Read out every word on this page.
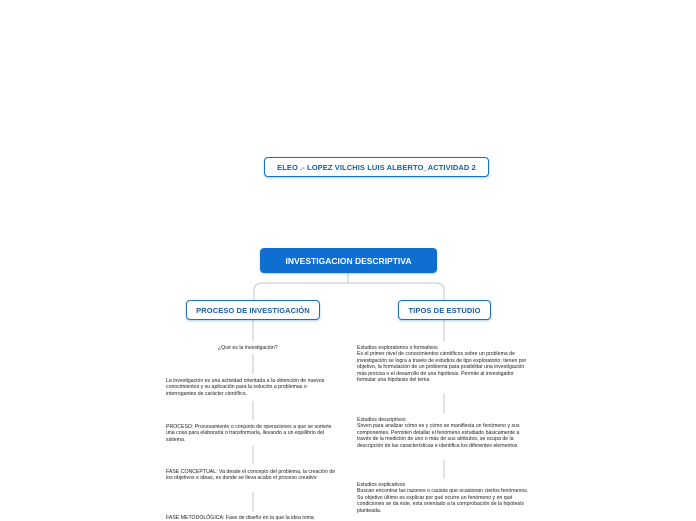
ELEO .- LOPEZ VILCHIS LUIS ALBERTO_ACTIVIDAD 2
INVESTIGACION DESCRIPTIVA
PROCESO DE INVESTIGACIÓN	TIPOS DE ESTUDIO
¿Qué es la investigación?
La investigación es una actividad orientada a la obtención de nuevos conocimientos y su aplicación para la solución a problemas o interrogantes de carácter científico.
PROCESO: Procesamiento o conjunto de operaciones a que se somete una cosa para elaborarla o transformarla, llevando a un equilibrio del sistema.
FASE CONCEPTUAL: Va desde el concepto del problema, la creación de los objetivos e ideas, es donde se lleva acabo el proceso creativo
FASE METODOLÓGICA: Fase de diseño en la que la idea toma
Estudios exploratorios o formativos
Es el primer nivel de conocimientos científicos sobre un problema de investigación se logra a través de estudios de tipo exploratorio; tienen por objetivo, la formulación de un problema para posibilitar una investigación más precisa o el desarrollo de una hipótesis. Permite al investigador formular una hipótesis del tema
Estudios descriptivos
Sirven para analizar cómo es y cómo se manifiesta un fenómeno y sus componentes. Permiten detallar el fenómeno estudiado básicamente a través de la medición de uno o más de sus atributos, se ocupa de la descripción de las características e identifica los diferentes elementos
Estudios explicativos
Buscan encontrar las razones o causas que ocasionan ciertos fenómenos. Su objetivo último es explicar por qué ocurre un fenómeno y en qué condiciones se da éste, esta orientado a la comprobación de la hipótesis planteada.
